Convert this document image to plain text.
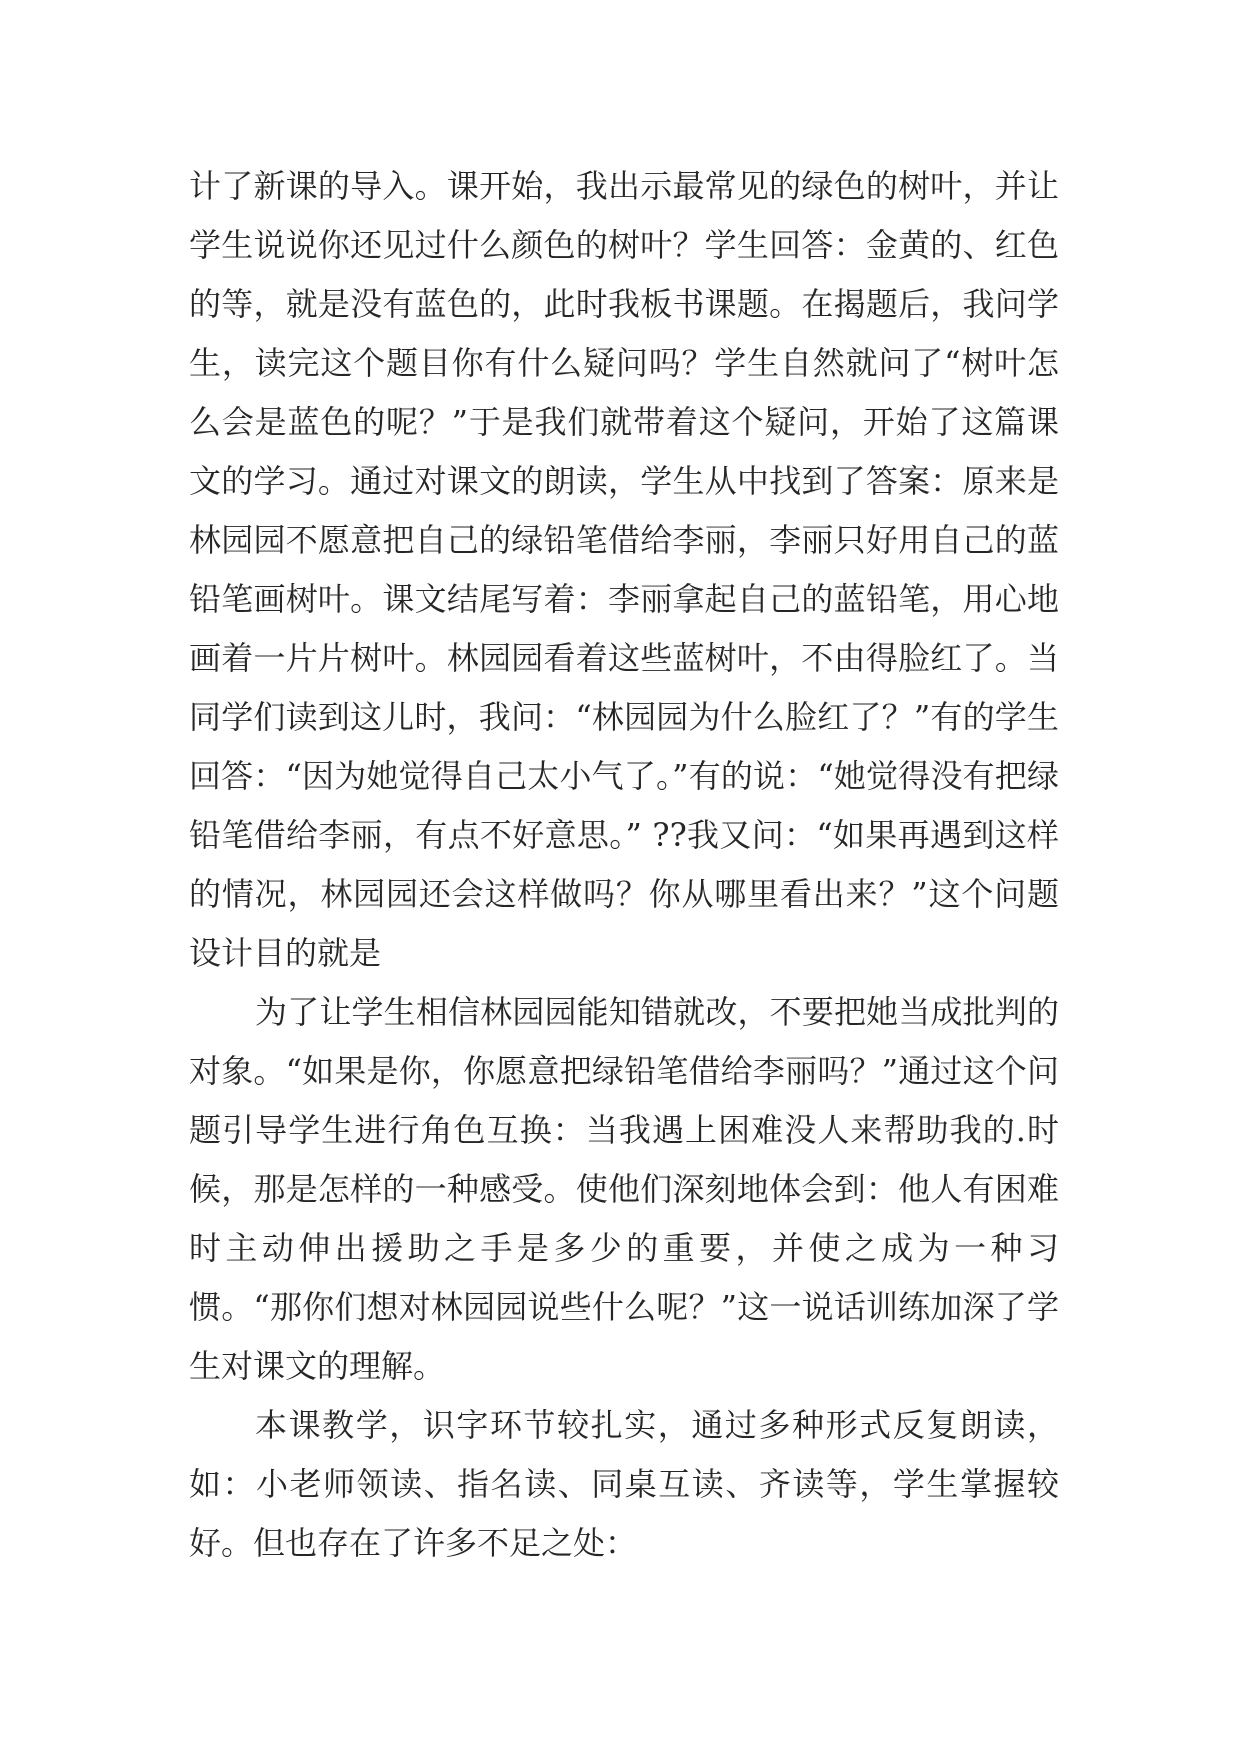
计了新课的导入。课开始，我出示最常见的绿色的树叶，并让学生说说你还见过什么颜色的树叶？学生回答：金黄的、红色的等，就是没有蓝色的，此时我板书课题。在揭题后，我问学生，读完这个题目你有什么疑问吗？学生自然就问了“树叶怎么会是蓝色的呢？”于是我们就带着这个疑问，开始了这篇课文的学习。通过对课文的朗读，学生从中找到了答案：原来是林园园不愿意把自己的绿铅笔借给李丽，李丽只好用自己的蓝铅笔画树叶。课文结尾写着：李丽拿起自己的蓝铅笔，用心地画着一片片树叶。林园园看着这些蓝树叶，不由得脸红了。当同学们读到这儿时，我问：“林园园为什么脸红了？”有的学生回答：“因为她觉得自己太小气了。”有的说：“她觉得没有把绿铅笔借给李丽，有点不好意思。” ??我又问：“如果再遇到这样的情况，林园园还会这样做吗？你从哪里看出来？”这个问题设计目的就是

为了让学生相信林园园能知错就改，不要把她当成批判的对象。“如果是你，你愿意把绿铅笔借给李丽吗？”通过这个问题引导学生进行角色互换：当我遇上困难没人来帮助我的.时候，那是怎样的一种感受。使他们深刻地体会到：他人有困难时主动伸出援助之手是多少的重要，并使之成为一种习惯。“那你们想对林园园说些什么呢？”这一说话训练加深了学生对课文的理解。

本课教学，识字环节较扎实，通过多种形式反复朗读，如：小老师领读、指名读、同桌互读、齐读等，学生掌握较好。但也存在了许多不足之处：
